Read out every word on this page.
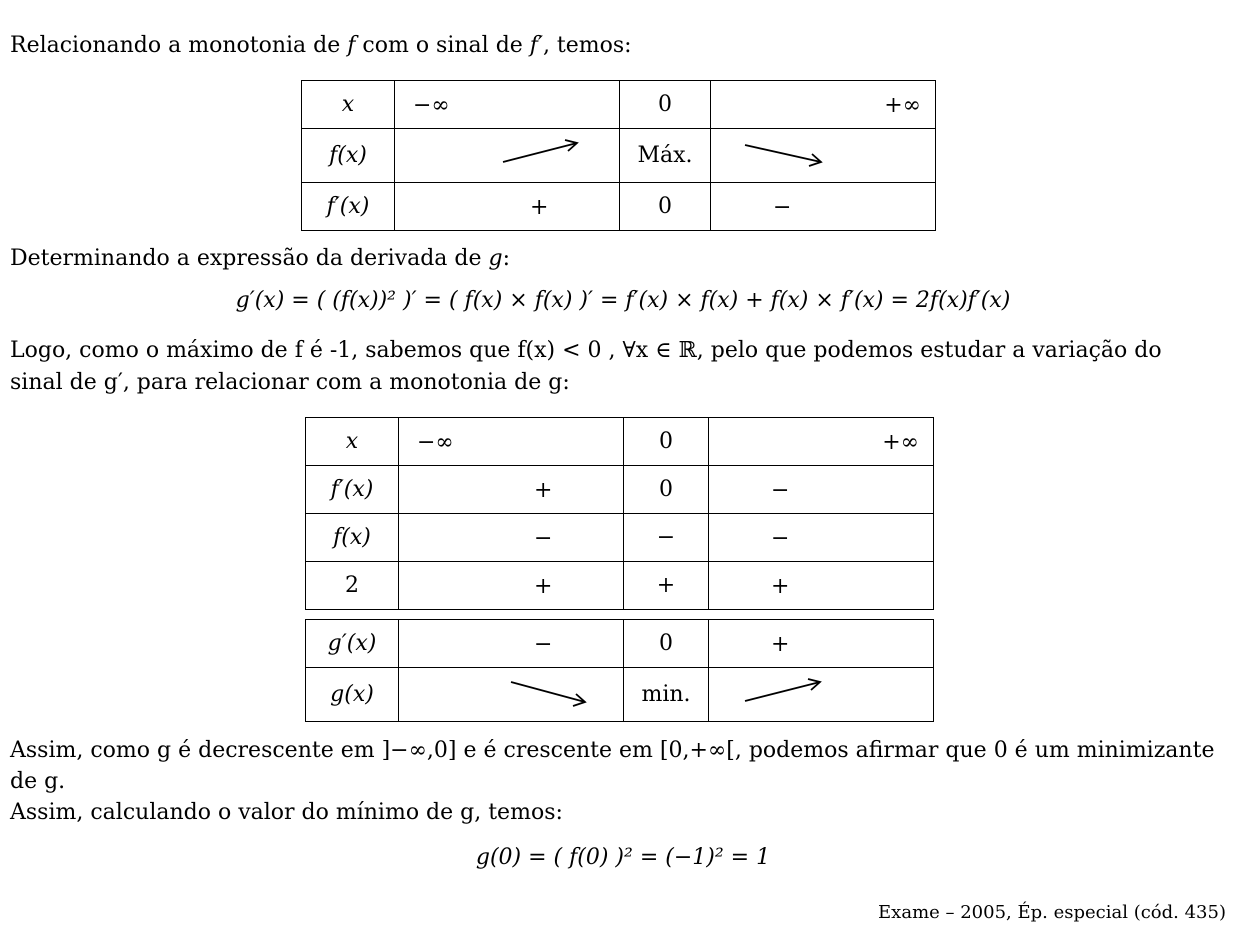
Relacionando a monotonia de f com o sinal de f′, temos:
x	−∞	0	+∞

f(x)		Máx.	
f′(x)	+	0	−
Determinando a expressão da derivada de g:
g′(x) = ( (f(x))² )′ = ( f(x) × f(x) )′ = f′(x) × f(x) + f(x) × f′(x) = 2f(x)f′(x)
Logo, como o máximo de f é -1, sabemos que f(x) < 0 , ∀x ∈ ℝ, pelo que podemos estudar a variação do
sinal de g′, para relacionar com a monotonia de g:
x	−∞	0	+∞

f′(x)	+	0	−

f(x)	−	−	−

2	+	+	+
g′(x)	−	0	+

g(x)		min.	
Assim, como g é decrescente em ]−∞,0] e é crescente em [0,+∞[, podemos afirmar que 0 é um minimizante
de g.
Assim, calculando o valor do mínimo de g, temos:
g(0) = ( f(0) )² = (−1)² = 1
Exame – 2005, Ép. especial (cód. 435)
